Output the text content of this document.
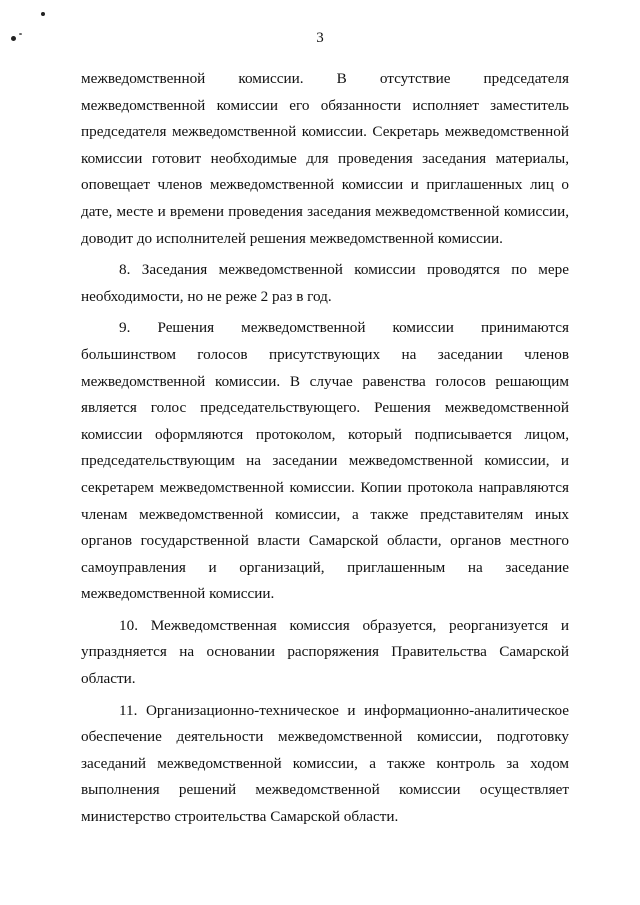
3

межведомственной комиссии. В отсутствие председателя межведомственной комиссии его обязанности исполняет заместитель председателя межведомственной комиссии. Секретарь межведомственной комиссии готовит необходимые для проведения заседания материалы, оповещает членов межведомственной комиссии и приглашенных лиц о дате, месте и времени проведения заседания межведомственной комиссии, доводит до исполнителей решения межведомственной комиссии.

8. Заседания межведомственной комиссии проводятся по мере необходимости, но не реже 2 раз в год.

9. Решения межведомственной комиссии принимаются большинством голосов присутствующих на заседании членов межведомственной комиссии. В случае равенства голосов решающим является голос председательствующего. Решения межведомственной комиссии оформляются протоколом, который подписывается лицом, председательствующим на заседании межведомственной комиссии, и секретарем межведомственной комиссии. Копии протокола направляются членам межведомственной комиссии, а также представителям иных органов государственной власти Самарской области, органов местного самоуправления и организаций, приглашенным на заседание межведомственной комиссии.

10. Межведомственная комиссия образуется, реорганизуется и упраздняется на основании распоряжения Правительства Самарской области.

11. Организационно-техническое и информационно-аналитическое обеспечение деятельности межведомственной комиссии, подготовку заседаний межведомственной комиссии, а также контроль за ходом выполнения решений межведомственной комиссии осуществляет министерство строительства Самарской области.
